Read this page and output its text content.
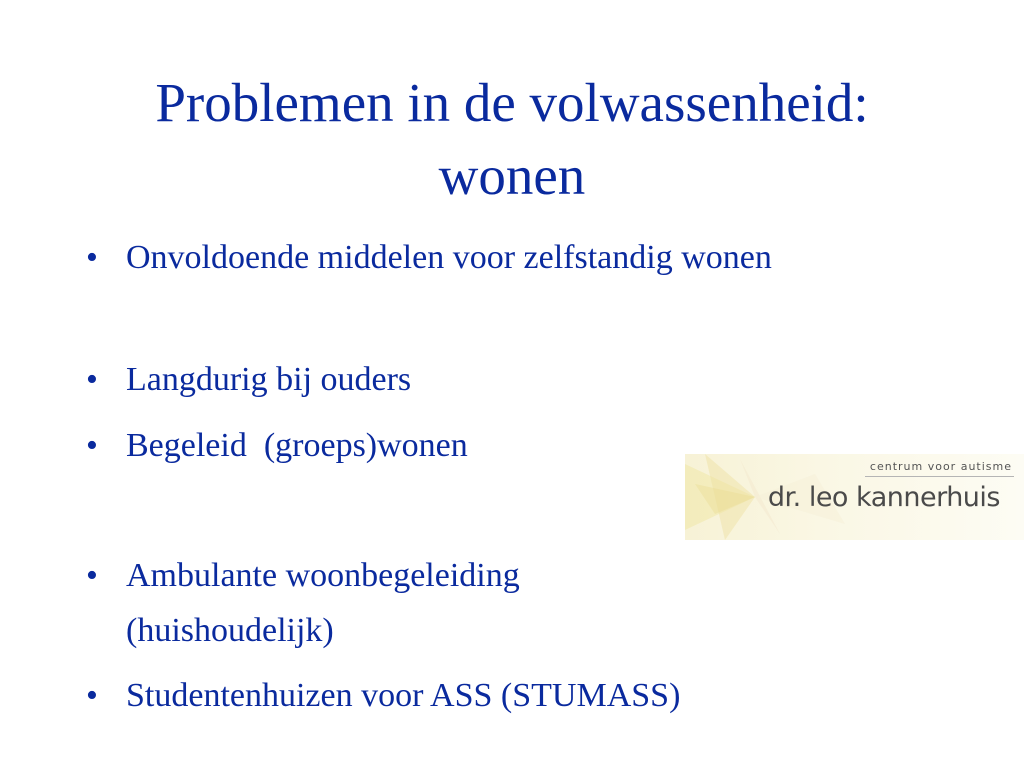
Problemen in de volwassenheid:
wonen
• Onvoldoende middelen voor zelfstandig wonen
• Langdurig bij ouders
• Begeleid  (groeps)wonen
• Ambulante woonbegeleiding (huishoudelijk)
• Studentenhuizen voor ASS (STUMASS)
centrum voor autisme
dr. leo kannerhuis
